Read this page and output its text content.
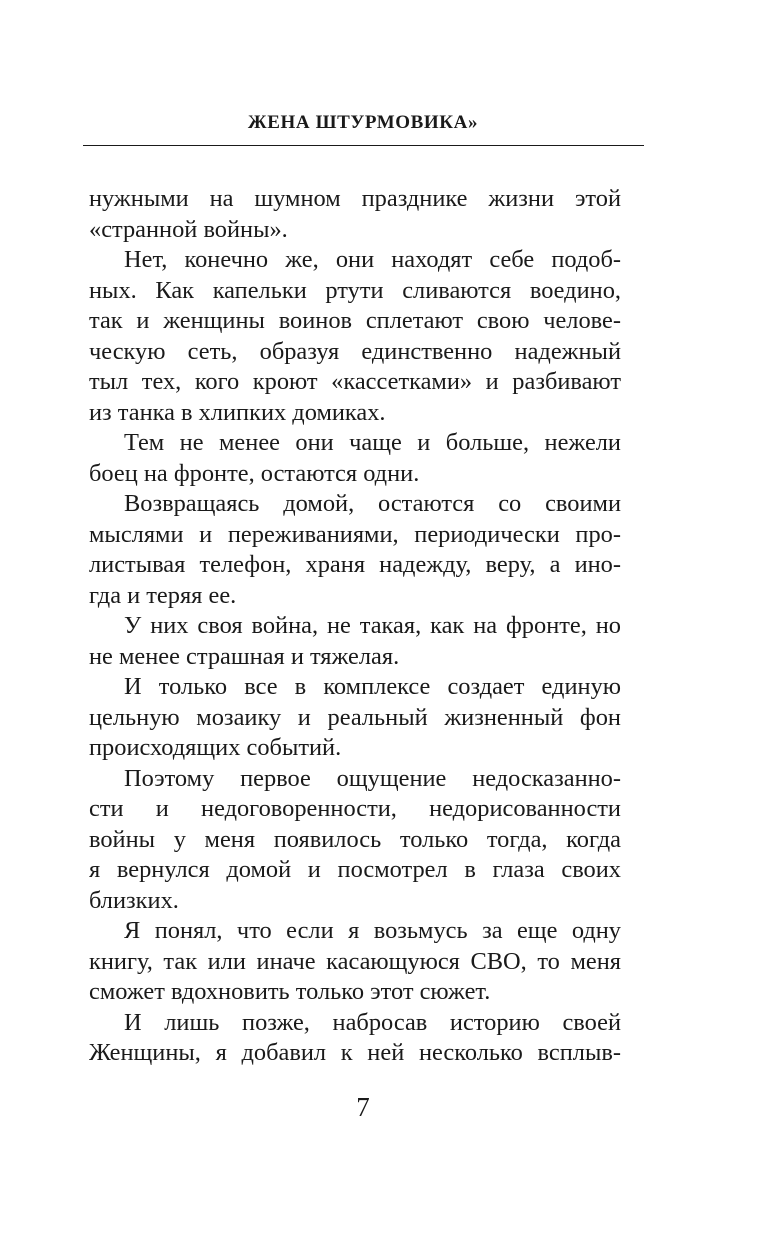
ЖЕНА ШТУРМОВИКА»
нужными на шумном празднике жизни этой
«странной войны».
Нет, конечно же, они находят себе подоб-
ных. Как капельки ртути сливаются воедино,
так и женщины воинов сплетают свою челове-
ческую сеть, образуя единственно надежный
тыл тех, кого кроют «кассетками» и разбивают
из танка в хлипких домиках.
Тем не менее они чаще и больше, нежели
боец на фронте, остаются одни.
Возвращаясь домой, остаются со своими
мыслями и переживаниями, периодически про-
листывая телефон, храня надежду, веру, а ино-
гда и теряя ее.
У них своя война, не такая, как на фронте, но
не менее страшная и тяжелая.
И только все в комплексе создает единую
цельную мозаику и реальный жизненный фон
происходящих событий.
Поэтому первое ощущение недосказанно-
сти и недоговоренности, недорисованности
войны у меня появилось только тогда, когда
я вернулся домой и посмотрел в глаза своих
близких.
Я понял, что если я возьмусь за еще одну
книгу, так или иначе касающуюся СВО, то меня
сможет вдохновить только этот сюжет.
И лишь позже, набросав историю своей
Женщины, я добавил к ней несколько всплыв-
7
